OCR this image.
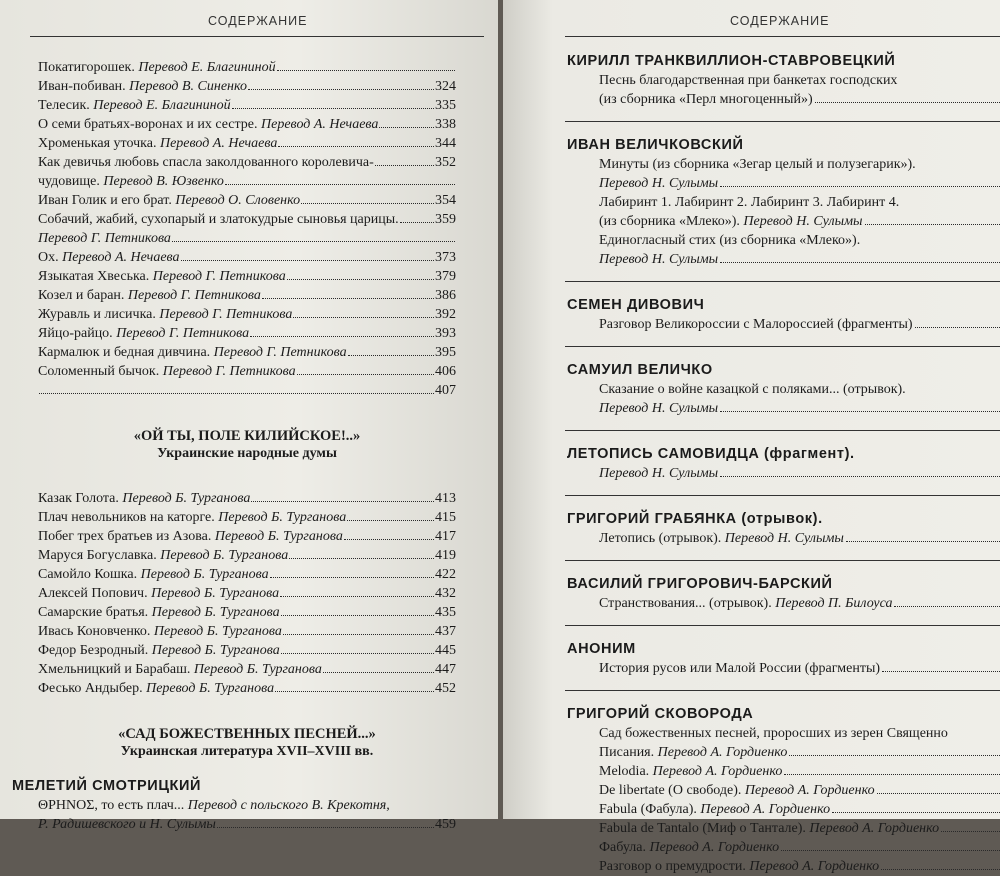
СОДЕРЖАНИЕ
Покатигорошек. Перевод Е. Благининой
Иван-побиван. Перевод В. Синенко	324
Телесик. Перевод Е. Благининой	335
О семи братьях-воронах и их сестре. Перевод А. Нечаева	338
Хроменькая уточка. Перевод А. Нечаева	344
Как девичья любовь спасла заколдованного королевича-	352
чудовище. Перевод В. Юзвенко
Иван Голик и его брат. Перевод О. Словенко	354
Собачий, жабий, сухопарый и златокудрые сыновья царицы.	359
Перевод Г. Петникова
Ох. Перевод А. Нечаева	373
Языкатая Хвеська. Перевод Г. Петникова	379
Козел и баран. Перевод Г. Петникова	386
Журавль и лисичка. Перевод Г. Петникова	392
Яйцо-райцо. Перевод Г. Петникова	393
Кармалюк и бедная дивчина. Перевод Г. Петникова	395
Соломенный бычок. Перевод Г. Петникова	406
407
«ОЙ ТЫ, ПОЛЕ КИЛИЙСКОЕ!..»
Украинские народные думы
Казак Голота. Перевод Б. Турганова	413
Плач невольников на каторге. Перевод Б. Турганова	415
Побег трех братьев из Азова. Перевод Б. Турганова	417
Маруся Богуславка. Перевод Б. Турганова	419
Самойло Кошка. Перевод Б. Турганова	422
Алексей Попович. Перевод Б. Турганова	432
Самарские братья. Перевод Б. Турганова	435
Ивась Коновченко. Перевод Б. Турганова	437
Федор Безродный. Перевод Б. Турганова	445
Хмельницкий и Барабаш. Перевод Б. Турганова	447
Фесько Андыбер. Перевод Б. Турганова	452
«САД БОЖЕСТВЕННЫХ ПЕСНЕЙ...»
Украинская литература XVII–XVIII вв.
МЕЛЕТИЙ СМОТРИЦКИЙ
ΘΡΗΝΟΣ, то есть плач... Перевод с польского В. Крекотня,
Р. Радишевского и Н. Сулымы	459
СОДЕРЖАНИЕ
КИРИЛЛ ТРАНКВИЛЛИОН-СТАВРОВЕЦКИЙ
Песнь благодарственная при банкетах господских
(из сборника «Перл многоценный»)
ИВАН ВЕЛИЧКОВСКИЙ
Минуты (из сборника «Зегар целый и полузегарик»).
Перевод Н. Сулымы
Лабиринт 1. Лабиринт 2. Лабиринт 3. Лабиринт 4.
(из сборника «Млеко»). Перевод Н. Сулымы
Единогласный стих (из сборника «Млеко»).
Перевод Н. Сулымы
СЕМЕН ДИВОВИЧ
Разговор Великороссии с Малороссией (фрагменты)
САМУИЛ ВЕЛИЧКО
Сказание о войне казацкой с поляками... (отрывок).
Перевод Н. Сулымы
ЛЕТОПИСЬ САМОВИДЦА (фрагмент).
Перевод Н. Сулымы
ГРИГОРИЙ ГРАБЯНКА (отрывок).
Летопись (отрывок). Перевод Н. Сулымы
ВАСИЛИЙ ГРИГОРОВИЧ-БАРСКИЙ
Странствования... (отрывок). Перевод П. Билоуса
АНОНИМ
История русов или Малой России (фрагменты)
ГРИГОРИЙ СКОВОРОДА
Сад божественных песней, проросших из зерен Священно
Писания. Перевод А. Гордиенко
Melodia. Перевод А. Гордиенко
De libertate (О свободе). Перевод А. Гордиенко
Fabula (Фабула). Перевод А. Гордиенко
Fabula de Tantalo (Миф о Тантале). Перевод А. Гордиенко
Фабула. Перевод А. Гордиенко
Разговор о премудрости. Перевод А. Гордиенко
